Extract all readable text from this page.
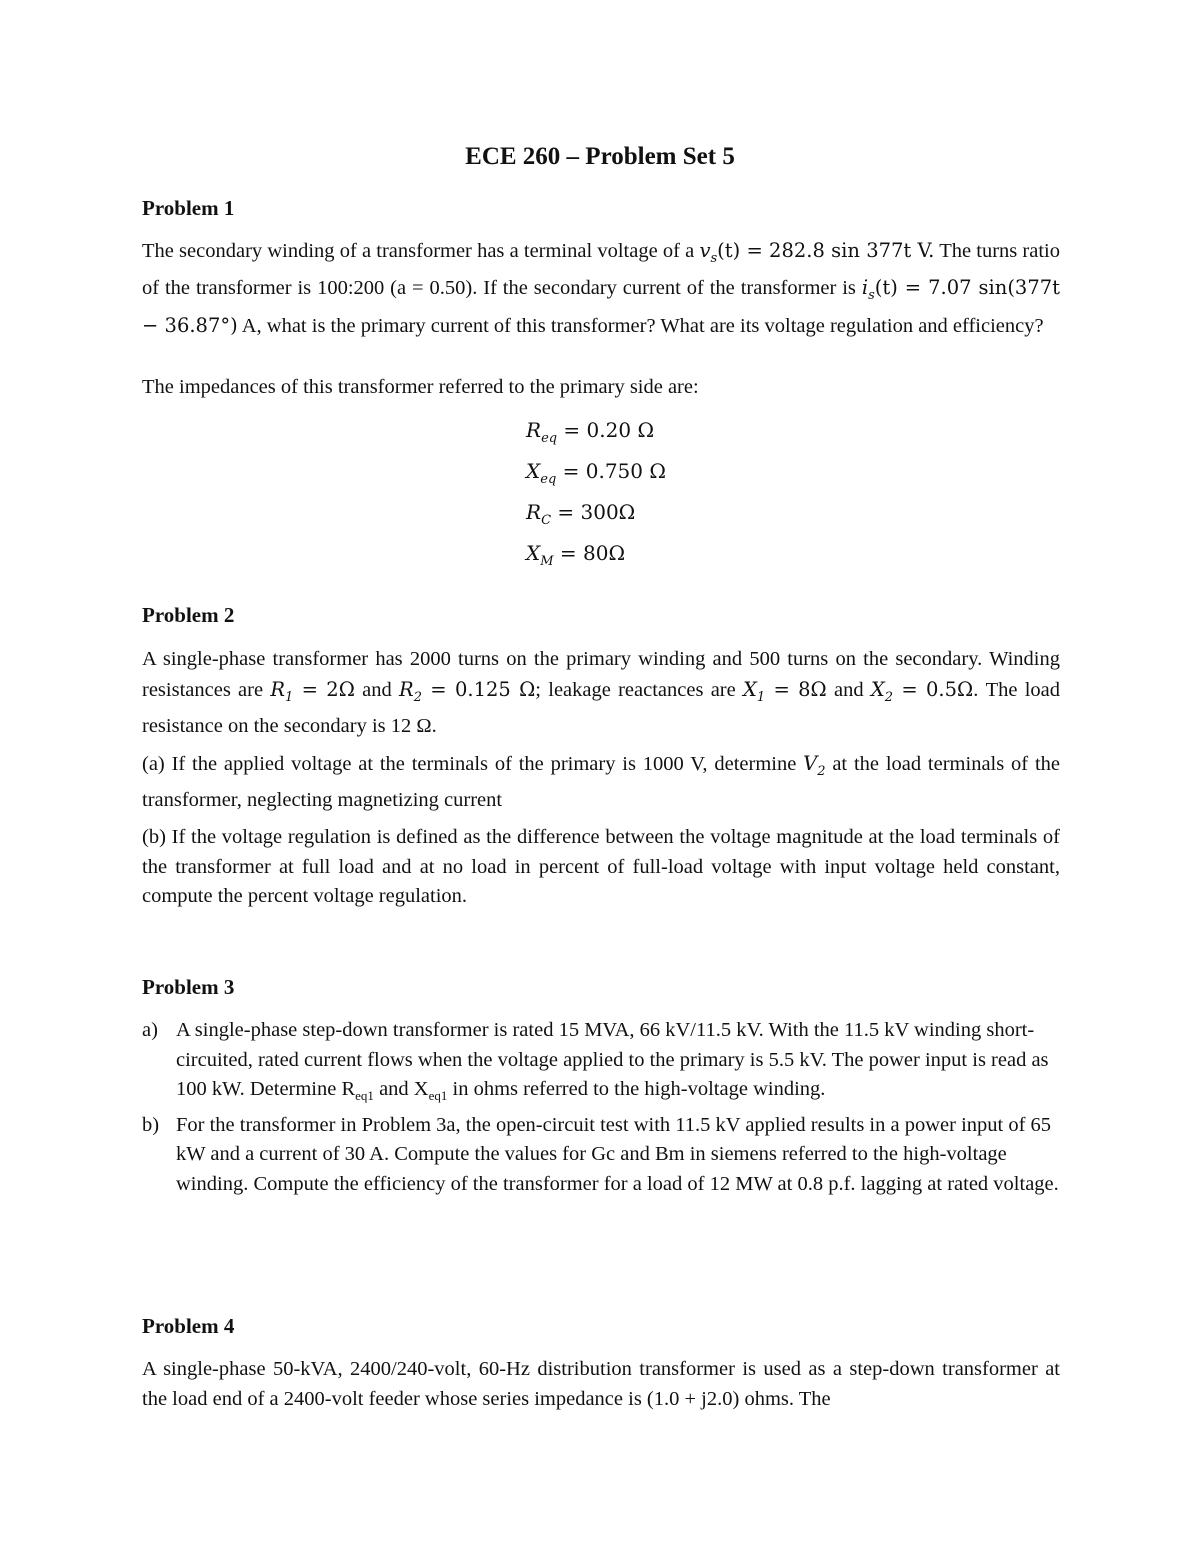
ECE 260 – Problem Set 5
Problem 1

The secondary winding of a transformer has a terminal voltage of a $v_s(t) = 282.8$ sin 377t V. The turns ratio of the transformer is 100:200 (a = 0.50). If the secondary current of the transformer is $i_s(t) = 7.07$ sin(377t − 36.87°) A, what is the primary current of this transformer? What are its voltage regulation and efficiency?

The impedances of this transformer referred to the primary side are:

$R_{eq} = 0.20$ Ω
$X_{eq} = 0.750$ Ω
$R_C = 300\Omega$
$X_M = 80\Omega$
Problem 2

A single-phase transformer has 2000 turns on the primary winding and 500 turns on the secondary. Winding resistances are $R_1 = 2\Omega$ and $R_2 = 0.125$ Ω; leakage reactances are $X_1 = 8\Omega$ and $X_2 = 0.5\Omega$. The load resistance on the secondary is 12 Ω.

(a) If the applied voltage at the terminals of the primary is 1000 V, determine $V_2$ at the load terminals of the transformer, neglecting magnetizing current

(b) If the voltage regulation is defined as the difference between the voltage magnitude at the load terminals of the transformer at full load and at no load in percent of full-load voltage with input voltage held constant, compute the percent voltage regulation.

Problem 3
a) A single-phase step-down transformer is rated 15 MVA, 66 kV/11.5 kV. With the 11.5 kV winding short-circuited, rated current flows when the voltage applied to the primary is 5.5 kV. The power input is read as 100 kW. Determine $R_{eq1}$ and $X_{eq1}$ in ohms referred to the high-voltage winding.
b) For the transformer in Problem 3a, the open-circuit test with 11.5 kV applied results in a power input of 65 kW and a current of 30 A. Compute the values for Gc and Bm in siemens referred to the high-voltage winding. Compute the efficiency of the transformer for a load of 12 MW at 0.8 p.f. lagging at rated voltage.
Problem 4

A single-phase 50-kVA, 2400/240-volt, 60-Hz distribution transformer is used as a step-down transformer at the load end of a 2400-volt feeder whose series impedance is (1.0 + j2.0) ohms. The
